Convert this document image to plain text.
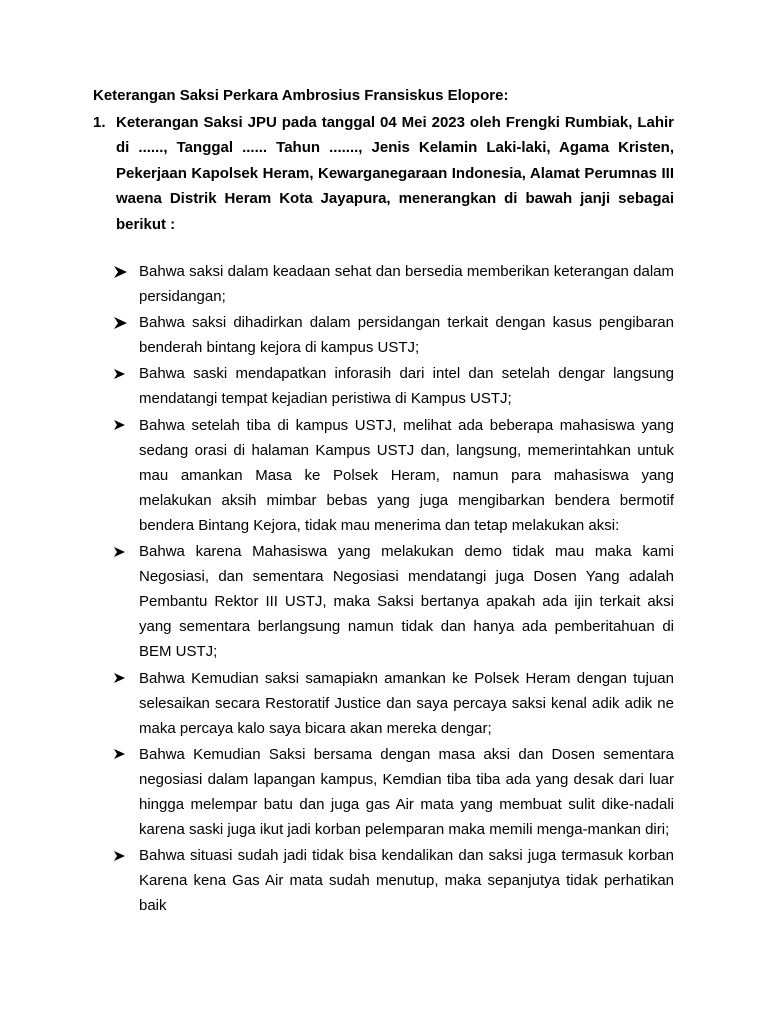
Keterangan Saksi Perkara Ambrosius Fransiskus Elopore:
1. Keterangan Saksi JPU pada tanggal 04 Mei 2023 oleh Frengki Rumbiak, Lahir di ......, Tanggal ...... Tahun ......., Jenis Kelamin Laki-laki, Agama Kristen, Pekerjaan Kapolsek Heram, Kewarganegaraan Indonesia, Alamat Perumnas III waena Distrik Heram Kota Jayapura, menerangkan di bawah janji sebagai berikut :
Bahwa saksi dalam keadaan sehat dan bersedia memberikan keterangan dalam persidangan;
Bahwa saksi dihadirkan dalam persidangan terkait dengan kasus pengibaran benderah bintang kejora di kampus USTJ;
Bahwa saski mendapatkan inforasih dari intel dan setelah dengar langsung mendatangi tempat kejadian peristiwa di Kampus USTJ;
Bahwa setelah tiba di kampus USTJ, melihat ada beberapa mahasiswa yang sedang orasi di halaman Kampus USTJ dan, langsung, memerintahkan untuk mau amankan Masa ke Polsek Heram, namun para mahasiswa yang melakukan aksih mimbar bebas yang juga mengibarkan bendera bermotif bendera Bintang Kejora, tidak mau menerima dan tetap melakukan aksi:
Bahwa karena Mahasiswa yang melakukan demo tidak mau maka kami Negosiasi, dan sementara Negosiasi mendatangi juga Dosen Yang adalah Pembantu Rektor III USTJ, maka Saksi bertanya apakah ada ijin terkait aksi yang sementara berlangsung namun tidak dan hanya ada pemberitahuan di BEM USTJ;
Bahwa Kemudian saksi samapiakn amankan ke Polsek Heram dengan tujuan selesaikan secara Restoratif Justice dan saya percaya saksi kenal adik adik ne maka percaya kalo saya bicara akan mereka dengar;
Bahwa Kemudian Saksi bersama dengan masa aksi dan Dosen sementara negosiasi dalam lapangan kampus, Kemdian tiba tiba ada yang desak dari luar hingga melempar batu dan juga gas Air mata yang membuat sulit dike-nadali karena saski juga ikut jadi korban pelemparan maka memili menga-mankan diri;
Bahwa situasi sudah jadi tidak bisa kendalikan dan saksi juga termasuk korban Karena kena Gas Air mata sudah menutup, maka sepanjutya tidak perhatikan baik
